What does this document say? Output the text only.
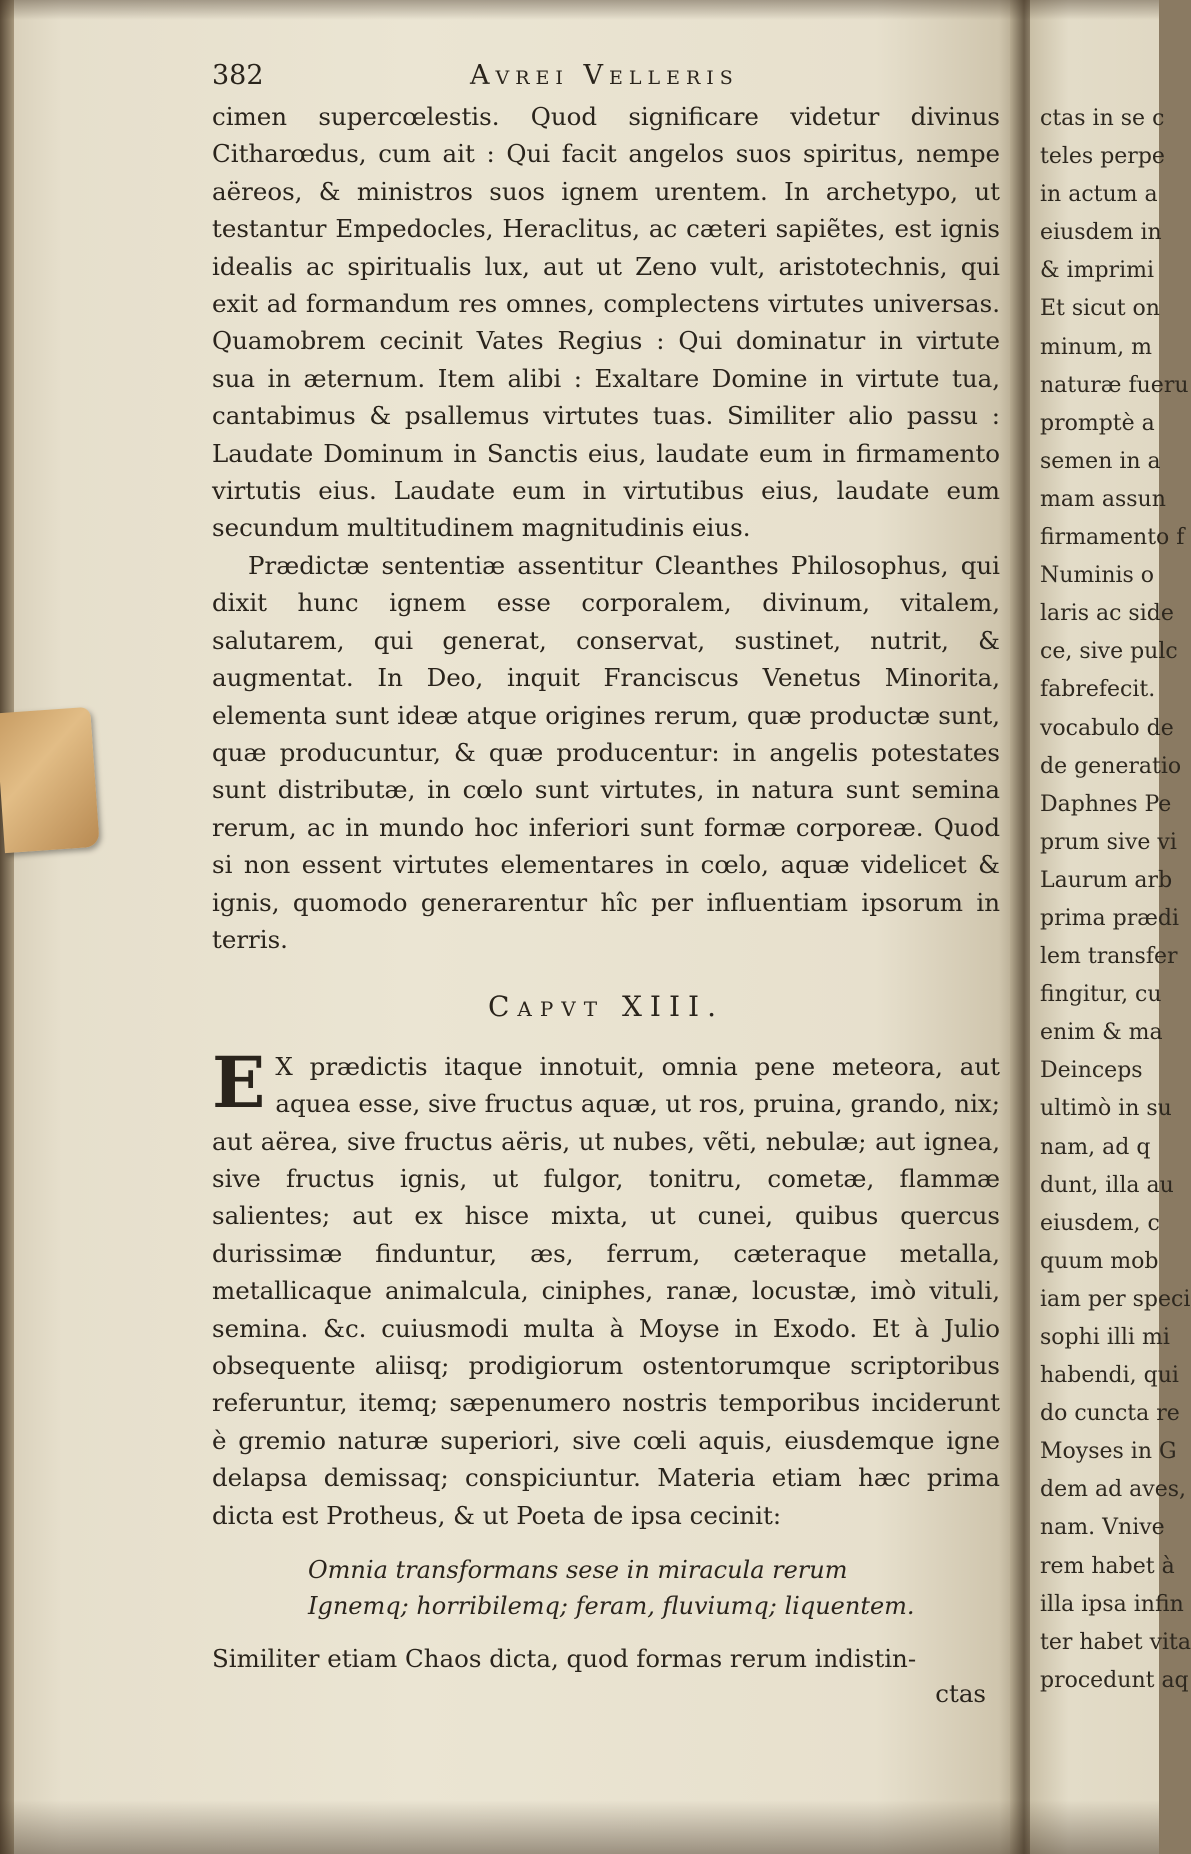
382	Avrei Velleris

cimen supercœlestis. Quod significare videtur divinus Citharœdus, cum ait : Qui facit angelos suos spiritus, nempe aëreos, & ministros suos ignem urentem. In archetypo, ut testantur Empedocles, Heraclitus, ac cæteri sapiẽtes, est ignis idealis ac spiritualis lux, aut ut Zeno vult, aristotechnis, qui exit ad formandum res omnes, complectens virtutes universas. Quamobrem cecinit Vates Regius : Qui dominatur in virtute sua in æternum. Item alibi : Exaltare Domine in virtute tua, cantabimus & psallemus virtutes tuas. Similiter alio passu : Laudate Dominum in Sanctis eius, laudate eum in firmamento virtutis eius. Laudate eum in virtutibus eius, laudate eum secundum multitudinem magnitudinis eius.

Prædictæ sententiæ assentitur Cleanthes Philosophus, qui dixit hunc ignem esse corporalem, divinum, vitalem, salutarem, qui generat, conservat, sustinet, nutrit, & augmentat. In Deo, inquit Franciscus Venetus Minorita, elementa sunt ideæ atque origines rerum, quæ productæ sunt, quæ producuntur, & quæ producentur: in angelis potestates sunt distributæ, in cœlo sunt virtutes, in natura sunt semina rerum, ac in mundo hoc inferiori sunt formæ corporeæ. Quod si non essent virtutes elementares in cœlo, aquæ videlicet & ignis, quomodo generarentur hîc per influentiam ipsorum in terris.

Capvt XIII.

E X prædictis itaque innotuit, omnia pene meteora, aut aquea esse, sive fructus aquæ, ut ros, pruina, grando, nix; aut aërea, sive fructus aëris, ut nubes, vẽti, nebulæ; aut ignea, sive fructus ignis, ut fulgor, tonitru, cometæ, flammæ salientes; aut ex hisce mixta, ut cunei, quibus quercus durissimæ finduntur, æs, ferrum, cæteraque metalla, metallicaque animalcula, ciniphes, ranæ, locustæ, imò vituli, semina. &c. cuiusmodi multa à Moyse in Exodo. Et à Julio obsequente aliisq; prodigiorum ostentorumque scriptoribus referuntur, itemq; sæpenumero nostris temporibus inciderunt è gremio naturæ superiori, sive cœli aquis, eiusdemque igne delapsa demissaq; conspiciuntur. Materia etiam hæc prima dicta est Protheus, & ut Poeta de ipsa cecinit:

Omnia transformans sese in miracula rerum

Ignemq; horribilemq; feram, fluviumq; liquentem.

Similiter etiam Chaos dicta, quod formas rerum indistin-

ctas
ctas in se c
teles perpe
in actum a
eiusdem in
& imprimi
Et sicut on
minum, m
naturæ fueru
promptè a
semen in a
mam assun
firmamento f
Numinis o
laris ac side
ce, sive pulc
fabrefecit.
vocabulo de
de generatio
Daphnes Pe
prum sive vi
Laurum arb
prima prædi
lem transfer
fingitur, cu
enim & ma
Deinceps
ultimò in su
nam, ad q
dunt, illa au
eiusdem, c
quum mob
iam per speci
sophi illi mi
habendi, qui
do cuncta re
Moyses in G
dem ad aves,
nam. Vnive
rem habet à
illa ipsa infin
ter habet vita
procedunt aq
